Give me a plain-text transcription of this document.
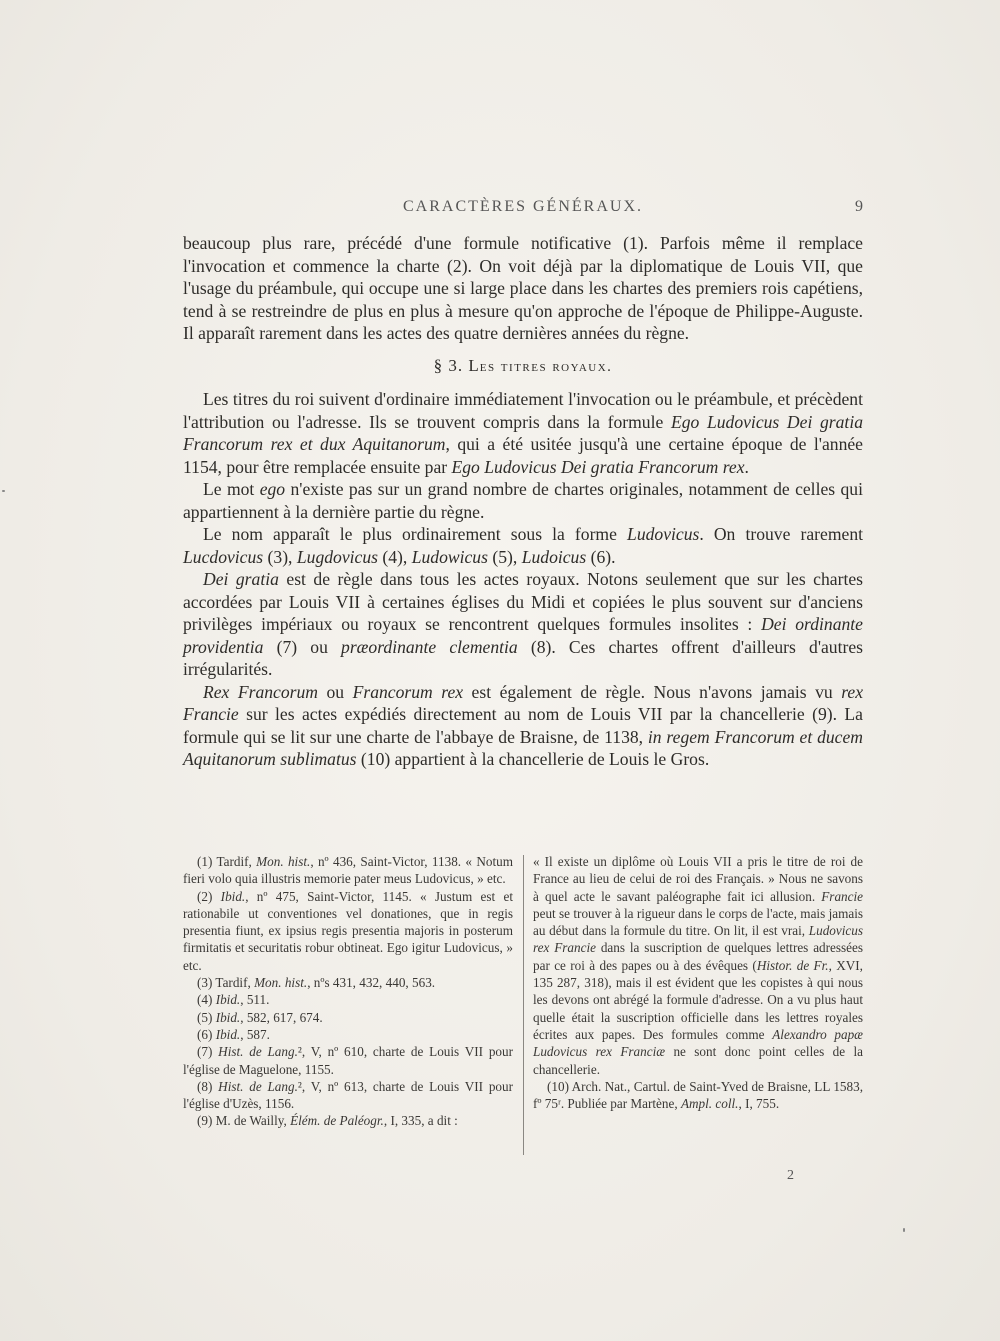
CARACTÈRES GÉNÉRAUX.	9

beaucoup plus rare, précédé d'une formule notificative (1). Parfois même il remplace l'invocation et commence la charte (2). On voit déjà par la diplomatique de Louis VII, que l'usage du préambule, qui occupe une si large place dans les chartes des premiers rois capétiens, tend à se restreindre de plus en plus à mesure qu'on approche de l'époque de Philippe-Auguste. Il apparaît rarement dans les actes des quatre dernières années du règne.

§ 3. Les titres royaux.

Les titres du roi suivent d'ordinaire immédiatement l'invocation ou le préambule, et précèdent l'attribution ou l'adresse. Ils se trouvent compris dans la formule Ego Ludovicus Dei gratia Francorum rex et dux Aquitanorum, qui a été usitée jusqu'à une certaine époque de l'année 1154, pour être remplacée ensuite par Ego Ludovicus Dei gratia Francorum rex.

Le mot ego n'existe pas sur un grand nombre de chartes originales, notamment de celles qui appartiennent à la dernière partie du règne.

Le nom apparaît le plus ordinairement sous la forme Ludovicus. On trouve rarement Lucdovicus (3), Lugdovicus (4), Ludowicus (5), Ludoicus (6).

Dei gratia est de règle dans tous les actes royaux. Notons seulement que sur les chartes accordées par Louis VII à certaines églises du Midi et copiées le plus souvent sur d'anciens privilèges impériaux ou royaux se rencontrent quelques formules insolites : Dei ordinante providentia (7) ou præordinante clementia (8). Ces chartes offrent d'ailleurs d'autres irrégularités.

Rex Francorum ou Francorum rex est également de règle. Nous n'avons jamais vu rex Francie sur les actes expédiés directement au nom de Louis VII par la chancellerie (9). La formule qui se lit sur une charte de l'abbaye de Braisne, de 1138, in regem Francorum et ducem Aquitanorum sublimatus (10) appartient à la chancellerie de Louis le Gros.

(1) Tardif, Mon. hist., nº 436, Saint-Victor, 1138. « Notum fieri volo quia illustris memorie pater meus Ludovicus, » etc.

(2) Ibid., nº 475, Saint-Victor, 1145. « Justum est et rationabile ut conventiones vel donationes, que in regis presentia fiunt, ex ipsius regis presentia majoris in posterum firmitatis et securitatis robur obtineat. Ego igitur Ludovicus, » etc.

(3) Tardif, Mon. hist., nºs 431, 432, 440, 563.

(4) Ibid., 511.

(5) Ibid., 582, 617, 674.

(6) Ibid., 587.

(7) Hist. de Lang.², V, nº 610, charte de Louis VII pour l'église de Maguelone, 1155.

(8) Hist. de Lang.², V, nº 613, charte de Louis VII pour l'église d'Uzès, 1156.

(9) M. de Wailly, Élém. de Paléogr., I, 335, a dit :

« Il existe un diplôme où Louis VII a pris le titre de roi de France au lieu de celui de roi des Français. » Nous ne savons à quel acte le savant paléographe fait ici allusion. Francie peut se trouver à la rigueur dans le corps de l'acte, mais jamais au début dans la formule du titre. On lit, il est vrai, Ludovicus rex Francie dans la suscription de quelques lettres adressées par ce roi à des papes ou à des évêques (Histor. de Fr., XVI, 135 287, 318), mais il est évident que les copistes à qui nous les devons ont abrégé la formule d'adresse. On a vu plus haut quelle était la suscription officielle dans les lettres royales écrites aux papes. Des formules comme Alexandro papæ Ludovicus rex Franciæ ne sont donc point celles de la chancellerie.

(10) Arch. Nat., Cartul. de Saint-Yved de Braisne, LL 1583, fº 75ʳ. Publiée par Martène, Ampl. coll., I, 755.

2
